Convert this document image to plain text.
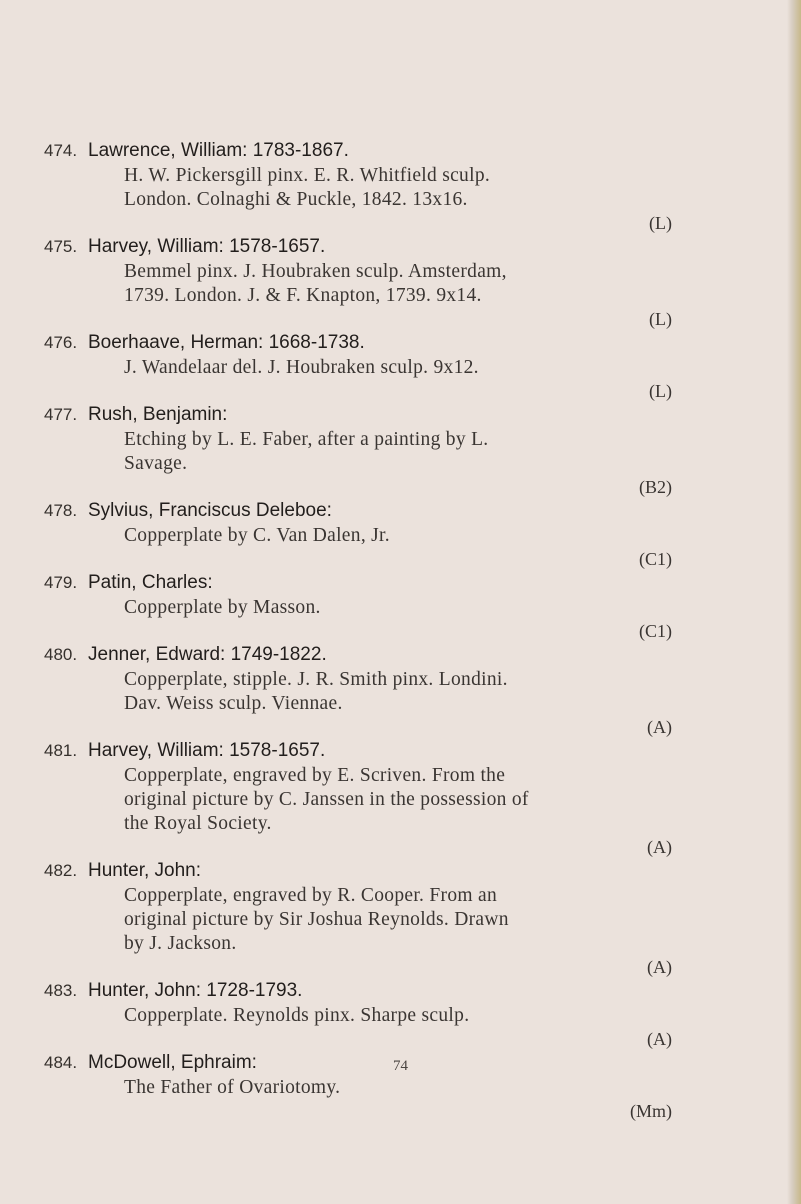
474. Lawrence, William: 1783-1867.
H. W. Pickersgill pinx. E. R. Whitfield sculp.
London. Colnaghi & Puckle, 1842. 13x16.
(L)
475. Harvey, William: 1578-1657.
Bemmel pinx. J. Houbraken sculp. Amsterdam,
1739. London. J. & F. Knapton, 1739. 9x14.
(L)
476. Boerhaave, Herman: 1668-1738.
J. Wandelaar del. J. Houbraken sculp. 9x12.
(L)
477. Rush, Benjamin:
Etching by L. E. Faber, after a painting by L.
Savage.
(B2)
478. Sylvius, Franciscus Deleboe:
Copperplate by C. Van Dalen, Jr.
(C1)
479. Patin, Charles:
Copperplate by Masson.
(C1)
480. Jenner, Edward: 1749-1822.
Copperplate, stipple. J. R. Smith pinx. Londini.
Dav. Weiss sculp. Viennae.
(A)
481. Harvey, William: 1578-1657.
Copperplate, engraved by E. Scriven. From the
original picture by C. Janssen in the possession of
the Royal Society.
(A)
482. Hunter, John:
Copperplate, engraved by R. Cooper. From an
original picture by Sir Joshua Reynolds. Drawn
by J. Jackson.
(A)
483. Hunter, John: 1728-1793.
Copperplate. Reynolds pinx. Sharpe sculp.
(A)
484. McDowell, Ephraim:
The Father of Ovariotomy.
(Mm)
74
